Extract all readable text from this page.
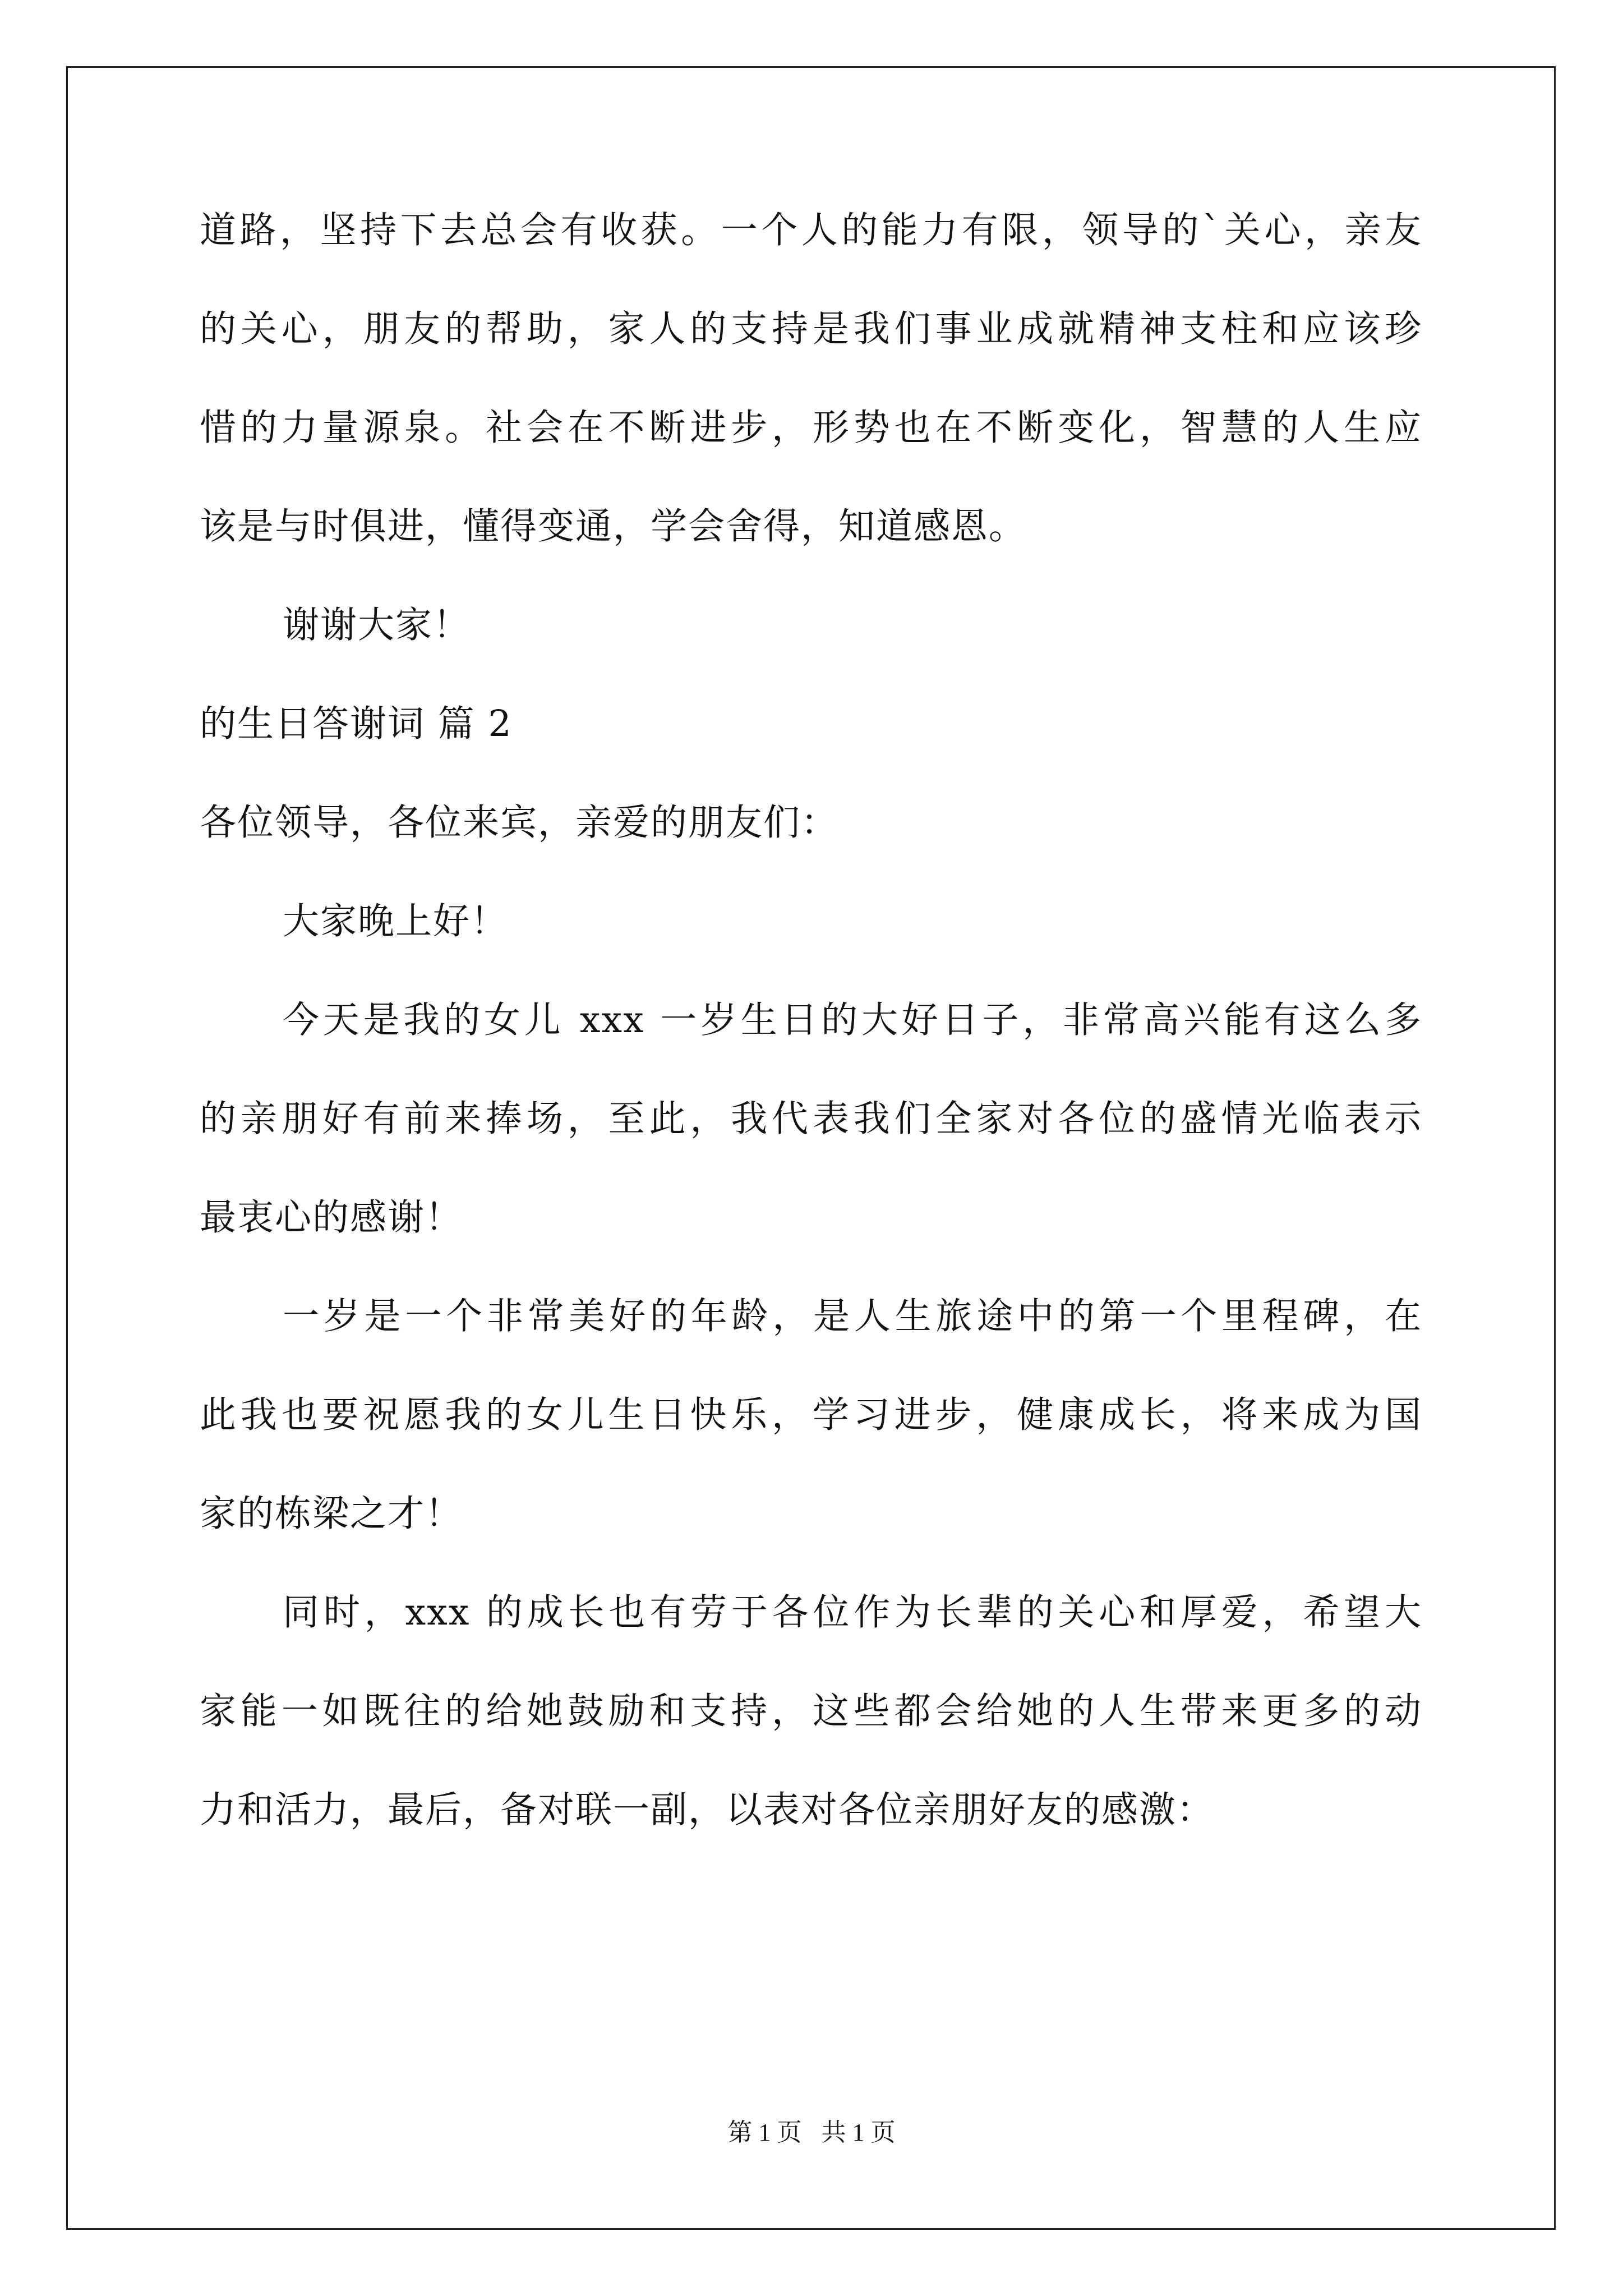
道路，坚持下去总会有收获。一个人的能力有限，领导的`关心，亲友
的关心，朋友的帮助，家人的支持是我们事业成就精神支柱和应该珍
惜的力量源泉。社会在不断进步，形势也在不断变化，智慧的人生应
该是与时俱进，懂得变通，学会舍得，知道感恩。
谢谢大家！
的生日答谢词 篇 2
各位领导，各位来宾，亲爱的朋友们：
大家晚上好！
今天是我的女儿 xxx 一岁生日的大好日子，非常高兴能有这么多
的亲朋好有前来捧场，至此，我代表我们全家对各位的盛情光临表示
最衷心的感谢！
一岁是一个非常美好的年龄，是人生旅途中的第一个里程碑，在
此我也要祝愿我的女儿生日快乐，学习进步，健康成长，将来成为国
家的栋梁之才！
同时，xxx 的成长也有劳于各位作为长辈的关心和厚爱，希望大
家能一如既往的给她鼓励和支持，这些都会给她的人生带来更多的动
力和活力，最后，备对联一副，以表对各位亲朋好友的感激：
第 1 页 共 1 页
